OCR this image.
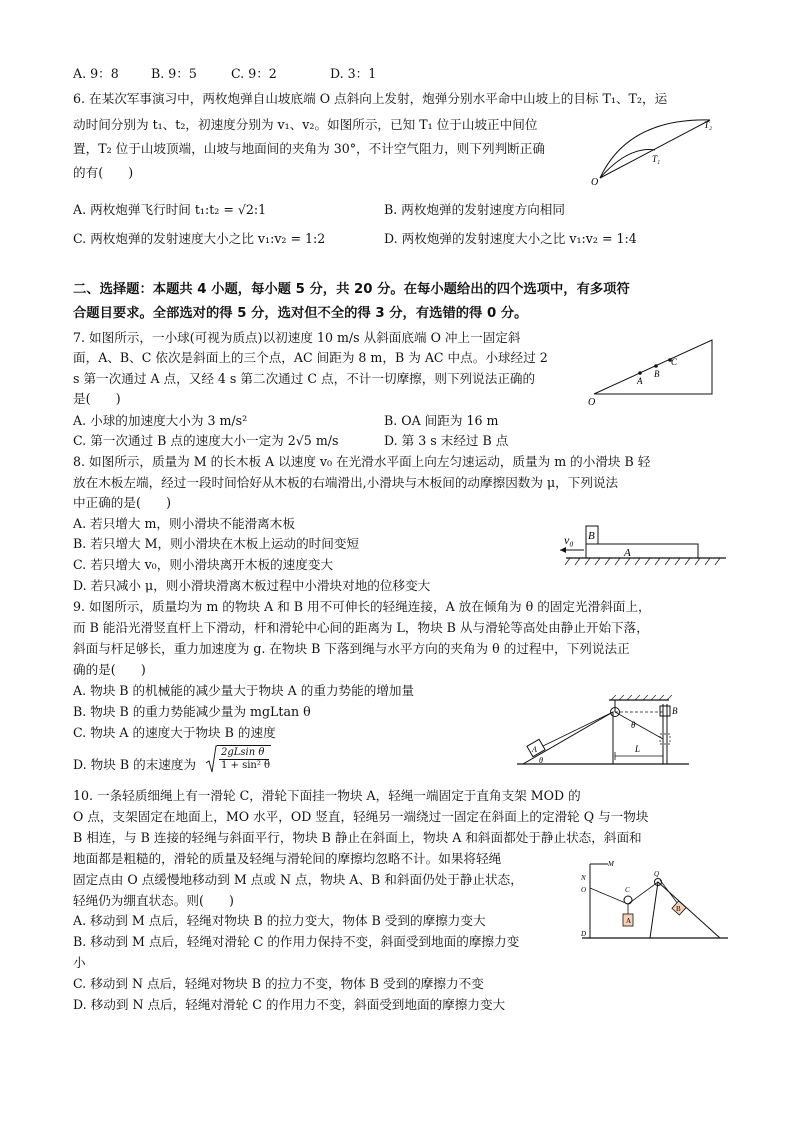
A. 9：8	B. 9：5	C. 9：2	D. 3：1
6. 在某次军事演习中，两枚炮弹自山坡底端 O 点斜向上发射，炮弹分别水平命中山坡上的目标 T₁、T₂，运
动时间分别为 t₁、t₂，初速度分别为 v₁、v₂。如图所示，已知 T₁ 位于山坡正中间位
置，T₂ 位于山坡顶端，山坡与地面间的夹角为 30°，不计空气阻力，则下列判断正确
的有(　　)
A. 两枚炮弹飞行时间 t₁:t₂ = √2:1	B. 两枚炮弹的发射速度方向相同
C. 两枚炮弹的发射速度大小之比 v₁:v₂ = 1:2	D. 两枚炮弹的发射速度大小之比 v₁:v₂ = 1:4
O
T₁
T₂
二、选择题：本题共 4 小题，每小题 5 分，共 20 分。在每小题给出的四个选项中，有多项符
合题目要求。全部选对的得 5 分，选对但不全的得 3 分，有选错的得 0 分。
7. 如图所示，一小球(可视为质点)以初速度 10 m/s 从斜面底端 O 冲上一固定斜
面，A、B、C 依次是斜面上的三个点，AC 间距为 8 m，B 为 AC 中点。小球经过 2
s 第一次通过 A 点，又经 4 s 第二次通过 C 点，不计一切摩擦，则下列说法正确的
是(　　)
A. 小球的加速度大小为 3 m/s²	B. OA 间距为 16 m
C. 第一次通过 B 点的速度大小一定为 2√5 m/s	D. 第 3 s 末经过 B 点
O
A
B
C
8. 如图所示，质量为 M 的长木板 A 以速度 v₀ 在光滑水平面上向左匀速运动，质量为 m 的小滑块 B 轻
放在木板左端，经过一段时间恰好从木板的右端滑出,小滑块与木板间的动摩擦因数为 μ，下列说法
中正确的是(　　)
A. 若只增大 m，则小滑块不能滑离木板
B. 若只增大 M，则小滑块在木板上运动的时间变短
C. 若只增大 v₀，则小滑块离开木板的速度变大
D. 若只减小 μ，则小滑块滑离木板过程中小滑块对地的位移变大
v₀ B
A
9. 如图所示，质量均为 m 的物块 A 和 B 用不可伸长的轻绳连接，A 放在倾角为 θ 的固定光滑斜面上，
而 B 能沿光滑竖直杆上下滑动，杆和滑轮中心间的距离为 L，物块 B 从与滑轮等高处由静止开始下落，
斜面与杆足够长，重力加速度为 g. 在物块 B 下落到绳与水平方向的夹角为 θ 的过程中，下列说法正
确的是(　　)
A. 物块 B 的机械能的减少量大于物块 A 的重力势能的增加量
B. 物块 B 的重力势能减少量为 mgLtan θ
C. 物块 A 的速度大于物块 B 的速度
D. 物块 B 的末速度为
2gLsin θ
1 + sin² θ
B
θ
A
θ
L
10. 一条轻质细绳上有一滑轮 C，滑轮下面挂一物块 A，轻绳一端固定于直角支架 MOD 的
O 点，支架固定在地面上，MO 水平，OD 竖直，轻绳另一端绕过一固定在斜面上的定滑轮 Q 与一物块
B 相连，与 B 连接的轻绳与斜面平行，物块 B 静止在斜面上，物块 A 和斜面都处于静止状态，斜面和
地面都是粗糙的，滑轮的质量及轻绳与滑轮间的摩擦均忽略不计。如果将轻绳
固定点由 O 点缓慢地移动到 M 点或 N 点，物块 A、B 和斜面仍处于静止状态，
轻绳仍为绷直状态。则(　　)
A. 移动到 M 点后，轻绳对物块 B 的拉力变大，物体 B 受到的摩擦力变大
B. 移动到 M 点后，轻绳对滑轮 C 的作用力保持不变，斜面受到地面的摩擦力变
小
C. 移动到 N 点后，轻绳对物块 B 的拉力不变，物体 B 受到的摩擦力不变
D. 移动到 N 点后，轻绳对滑轮 C 的作用力不变，斜面受到地面的摩擦力变大
M
N
O
D
C
A
Q
B
